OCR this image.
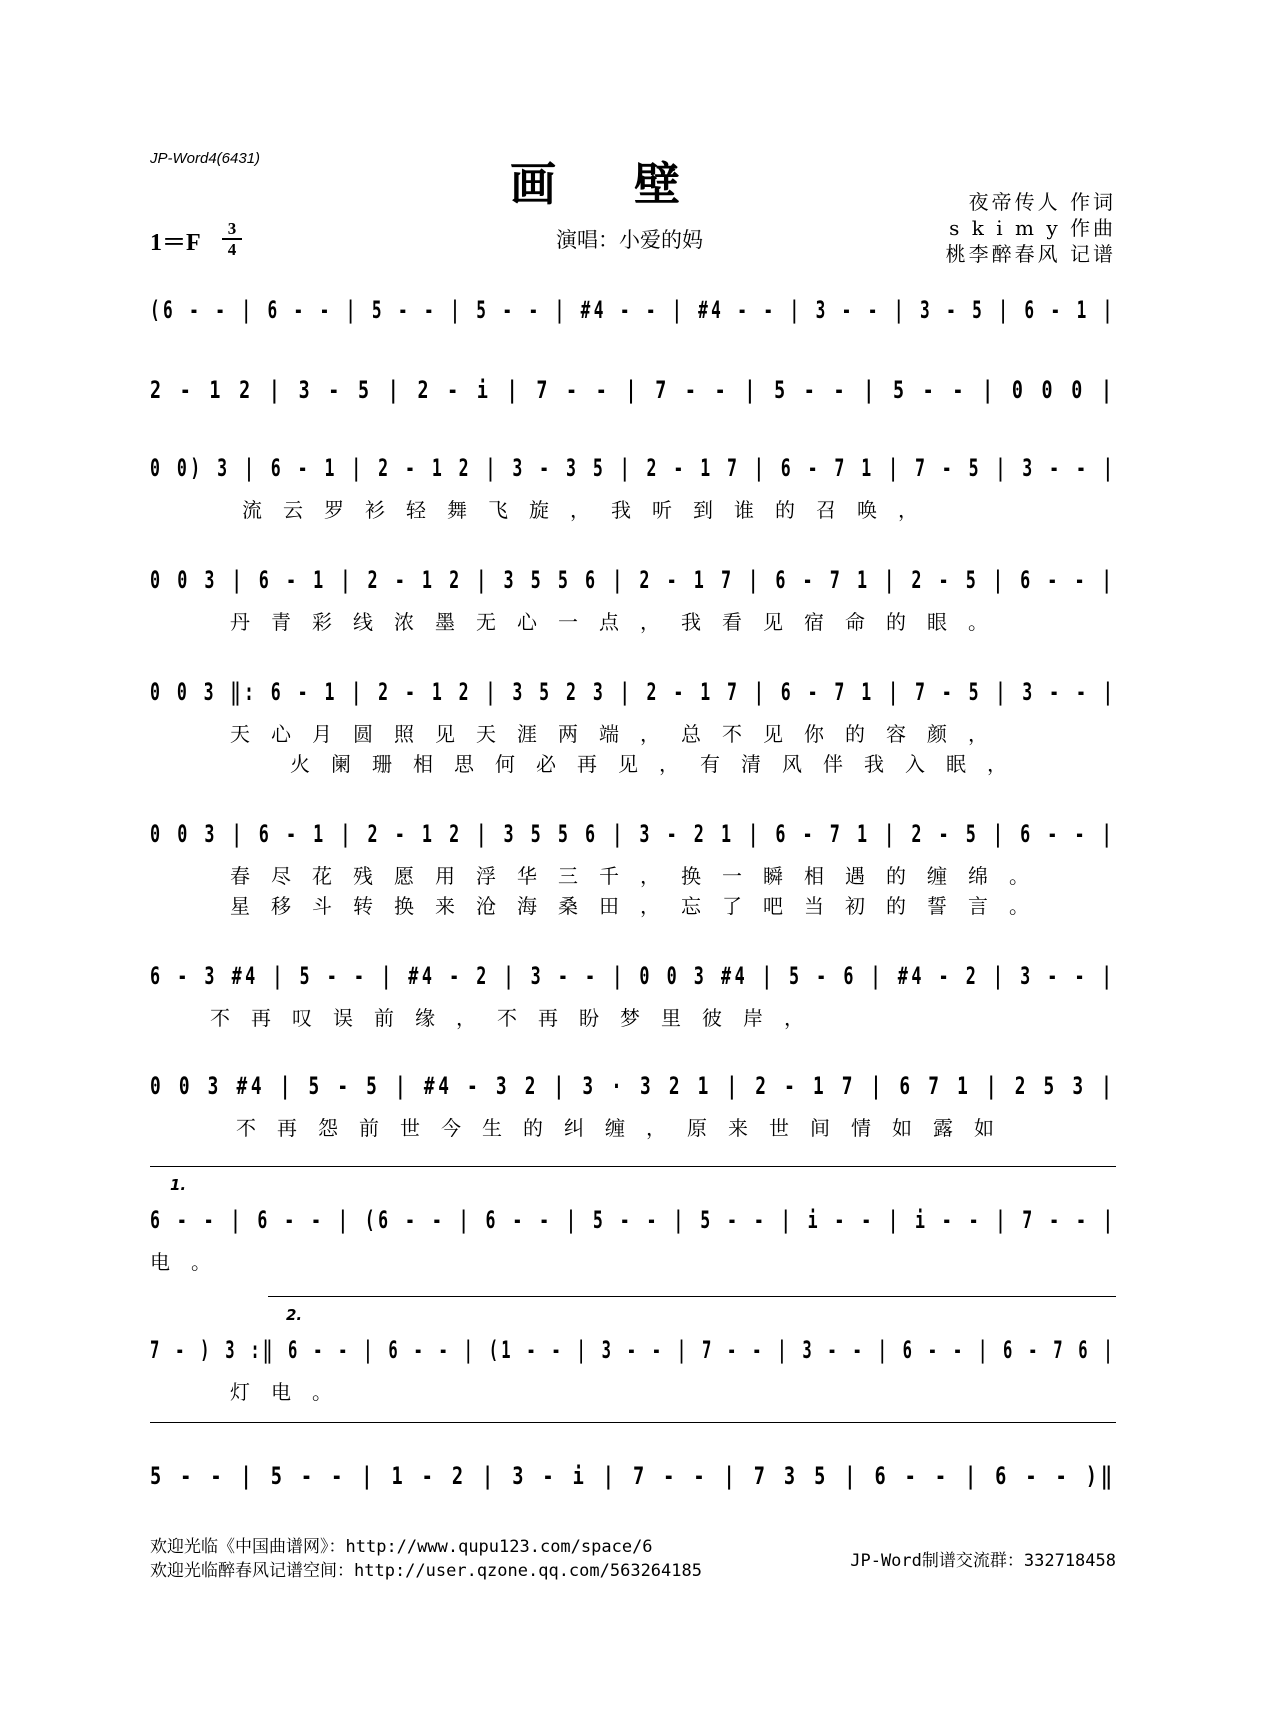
JP-Word4(6431)	画壁
1＝F
3
4	演唱：小爱的妈
夜帝传人 作词
s k i m y 作曲
桃李醉春风 记谱
(6 - - | 6 - - | 5 - - | 5 - - | #4 - - | #4 - - | 3 - - | 3 - 5 | 6 - 1 |
2 - 1 2 | 3 - 5 | 2 - i | 7 - - | 7 - - | 5 - - | 5 - - | 0 0 0 |
0 0) 3 | 6 - 1 | 2 - 1 2 | 3 - 3 5 | 2 - 1 7 | 6 - 7 1 | 7 - 5 | 3 - - |
流云罗衫轻舞飞旋，我听到谁的召唤，
0 0 3 | 6 - 1 | 2 - 1 2 | 3 5 5 6 | 2 - 1 7 | 6 - 7 1 | 2 - 5 | 6 - - |
丹青彩线浓墨无心一点，我看见宿命的眼。
0 0 3 ‖: 6 - 1 | 2 - 1 2 | 3 5 2 3 | 2 - 1 7 | 6 - 7 1 | 7 - 5 | 3 - - |
天心月圆照见天涯两端，总不见你的容颜，
火阑珊相思何必再见，有清风伴我入眠，
0 0 3 | 6 - 1 | 2 - 1 2 | 3 5 5 6 | 3 - 2 1 | 6 - 7 1 | 2 - 5 | 6 - - |
春尽花残愿用浮华三千，换一瞬相遇的缠绵。
星移斗转换来沧海桑田，忘了吧当初的誓言。
6 - 3 #4 | 5 - - | #4 - 2 | 3 - - | 0 0 3 #4 | 5 - 6 | #4 - 2 | 3 - - |
不再叹误前缘，不再盼梦里彼岸，
0 0 3 #4 | 5 - 5 | #4 - 3 2 | 3 · 3 2 1 | 2 - 1 7 | 6 7 1 | 2 5 3 |
不再怨前世今生的纠缠，原来世间情如露如
1.
6 - - | 6 - - | (6 - - | 6 - - | 5 - - | 5 - - | i - - | i - - | 7 - - |
电。
2.
7 - ) 3 :‖ 6 - - | 6 - - | (1 - - | 3 - - | 7 - - | 3 - - | 6 - - | 6 - 7 6 |
灯电。
5 - - | 5 - - | 1 - 2 | 3 - i | 7 - - | 7 3 5 | 6 - - | 6 - - )‖
欢迎光临《中国曲谱网》：http://www.qupu123.com/space/6
欢迎光临醉春风记谱空间：http://user.qzone.qq.com/563264185	JP-Word制谱交流群：332718458
